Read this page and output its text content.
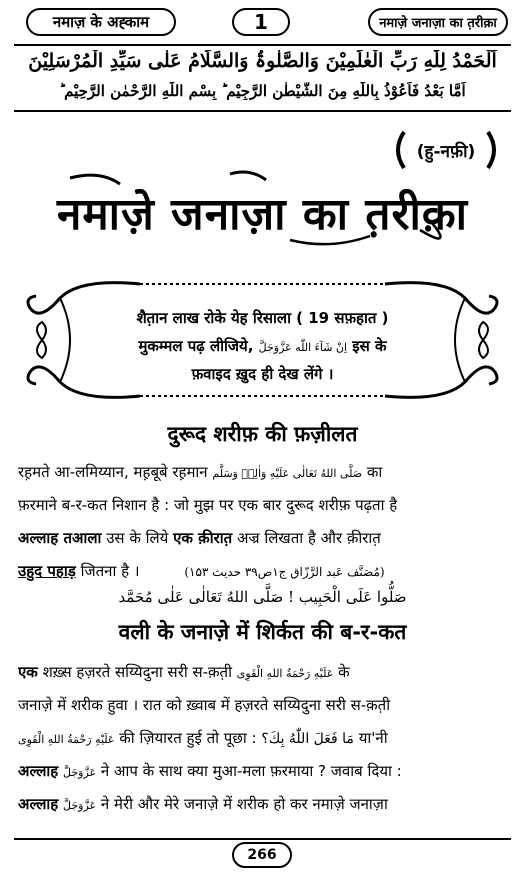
नमाज़ के अह्काम	1	नमाज़े जनाज़ा का त़रीक़ा
اَلْحَمْدُ لِلّٰهِ رَبِّ الْعٰلَمِیْنَ وَالصَّلٰوۃُ وَالسَّلَامُ عَلٰی سَیِّدِ الْمُرْسَلِیْنَ
اَمَّا بَعْدُ فَاَعُوْذُ بِاللّٰهِ مِنَ الشَّیْطٰنِ الرَّجِیْمِ ؕ بِسْمِ اللّٰهِ الرَّحْمٰنِ الرَّحِیْمِ ؕ
(हु-नफ़ी)
नमाज़े जनाज़ा का त़रीक़ा
शैत़ान लाख रोके येह रिसाला ( 19 सफ़हात )
मुकम्मल पढ़ लीजिये, اِنْ شَآءَ اللّٰه عَزَّوَجَلَّ इस के
फ़वाइद ख़ुद ही देख लेंगे ।
दुरूद शरीफ़ की फ़ज़ीलत
रह़मते आ-लमिय्यान, मह़बूबे रह़मान صَلَّى اللهُ تَعَالٰى عَلَيْهِ وَاٰلِهٖ وَسَلَّم का
फ़रमाने ब-र-कत निशान है : जो मुझ पर एक बार दुरूद शरीफ़ पढ़ता है
अल्लाह तआला उस के लिये एक क़ीरात़ अज्र लिखता है और क़ीरात़
उहुद पहाड़ जितना है ।	(مُصَنَّف عَبد الرَّزّاق ج۱ص۳۹ حدیث ۱۵۳)
صَلُّوا عَلَى الْحَبِيب ! صَلَّى اللهُ تَعَالٰى عَلٰى مُحَمَّد
वली के जनाज़े में शिर्कत की ब-र-कत
एक शख़्स हज़रते सय्यिदुना सरी स-क़त़ी عَلَيْهِ رَحْمَةُ اللهِ الْقَوِی के
जनाज़े में शरीक हुवा । रात को ख़्वाब में हज़रते सय्यिदुना सरी स-क़त़ी
عَلَيْهِ رَحْمَةُ اللهِ الْقَوِی की ज़ियारत हुई तो पूछा : مَا فَعَلَ اللّٰهُ بِكَ؟ या'नी
अल्लाह عَزَّوَجَلَّ ने आप के साथ क्या मुआ-मला फ़रमाया ? जवाब दिया :
अल्लाह عَزَّوَجَلَّ ने मेरी और मेरे जनाज़े में शरीक हो कर नमाज़े जनाज़ा
266
